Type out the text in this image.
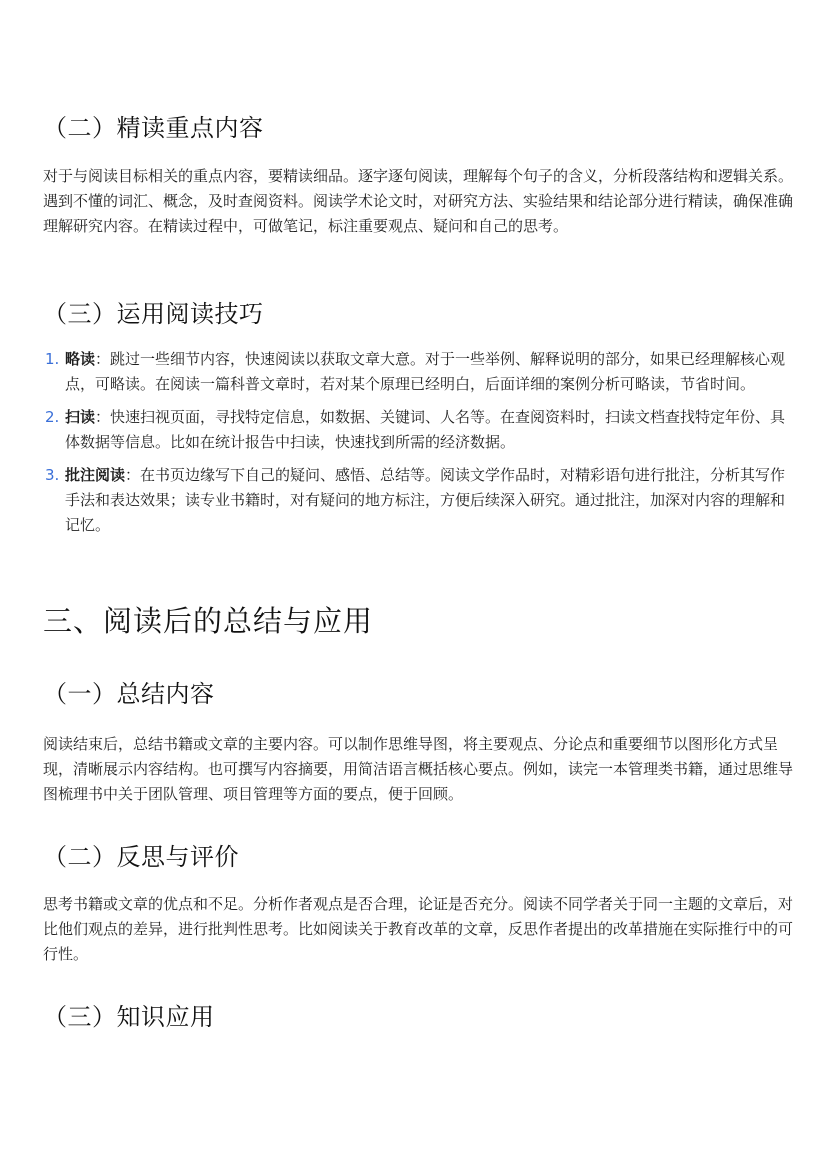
（二）精读重点内容

对于与阅读目标相关的重点内容，要精读细品。逐字逐句阅读，理解每个句子的含义，分析段落结构和逻辑关系。遇到不懂的词汇、概念，及时查阅资料。阅读学术论文时，对研究方法、实验结果和结论部分进行精读，确保准确理解研究内容。在精读过程中，可做笔记，标注重要观点、疑问和自己的思考。

（三）运用阅读技巧
1. 略读：跳过一些细节内容，快速阅读以获取文章大意。对于一些举例、解释说明的部分，如果已经理解核心观点，可略读。在阅读一篇科普文章时，若对某个原理已经明白，后面详细的案例分析可略读，节省时间。
2. 扫读：快速扫视页面，寻找特定信息，如数据、关键词、人名等。在查阅资料时，扫读文档查找特定年份、具体数据等信息。比如在统计报告中扫读，快速找到所需的经济数据。
3. 批注阅读：在书页边缘写下自己的疑问、感悟、总结等。阅读文学作品时，对精彩语句进行批注，分析其写作手法和表达效果；读专业书籍时，对有疑问的地方标注，方便后续深入研究。通过批注，加深对内容的理解和记忆。
三、阅读后的总结与应用
（一）总结内容

阅读结束后，总结书籍或文章的主要内容。可以制作思维导图，将主要观点、分论点和重要细节以图形化方式呈现，清晰展示内容结构。也可撰写内容摘要，用简洁语言概括核心要点。例如，读完一本管理类书籍，通过思维导图梳理书中关于团队管理、项目管理等方面的要点，便于回顾。

（二）反思与评价

思考书籍或文章的优点和不足。分析作者观点是否合理，论证是否充分。阅读不同学者关于同一主题的文章后，对比他们观点的差异，进行批判性思考。比如阅读关于教育改革的文章，反思作者提出的改革措施在实际推行中的可行性。

（三）知识应用
